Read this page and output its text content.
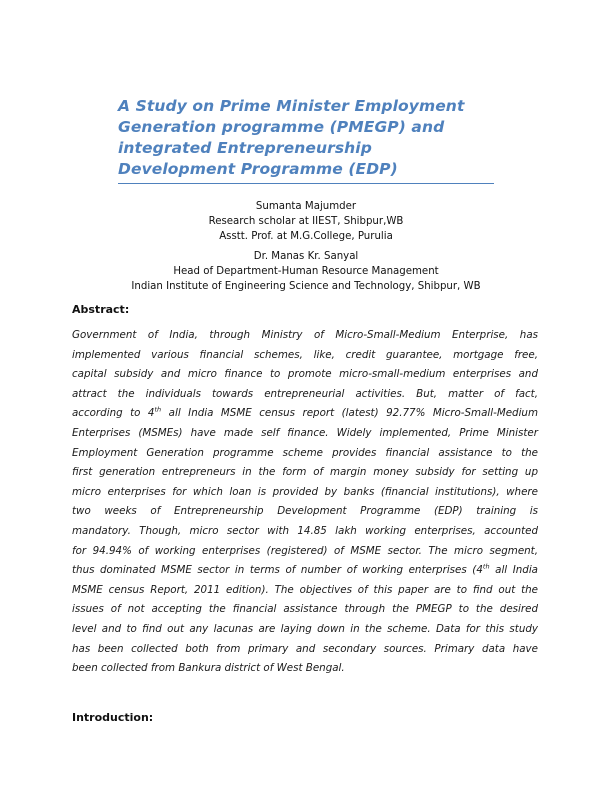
A Study on Prime Minister Employment
Generation programme (PMEGP) and
integrated Entrepreneurship
Development Programme (EDP)
Sumanta Majumder
Research scholar at IIEST, Shibpur,WB
Asstt. Prof. at M.G.College, Purulia
Dr. Manas Kr. Sanyal
Head of Department-Human Resource Management
Indian Institute of Engineering Science and Technology, Shibpur, WB
Abstract:
Government of India, through Ministry of Micro-Small-Medium Enterprise, has
implemented various financial schemes, like, credit guarantee, mortgage free,
capital subsidy and micro finance to promote micro-small-medium enterprises and
attract the individuals towards entrepreneurial activities. But, matter of fact,
according to 4th all India MSME census report (latest) 92.77% Micro-Small-Medium
Enterprises (MSMEs) have made self finance. Widely implemented, Prime Minister
Employment Generation programme scheme provides financial assistance to the
first generation entrepreneurs in the form of margin money subsidy for setting up
micro enterprises for which loan is provided by banks (financial institutions), where
two weeks of Entrepreneurship Development Programme (EDP) training is
mandatory. Though, micro sector with 14.85 lakh working enterprises, accounted
for 94.94% of working enterprises (registered) of MSME sector. The micro segment,
thus dominated MSME sector in terms of number of working enterprises (4th all India
MSME census Report, 2011 edition). The objectives of this paper are to find out the
issues of not accepting the financial assistance through the PMEGP to the desired
level and to find out any lacunas are laying down in the scheme. Data for this study
has been collected both from primary and secondary sources. Primary data have
been collected from Bankura district of West Bengal.
Introduction:
